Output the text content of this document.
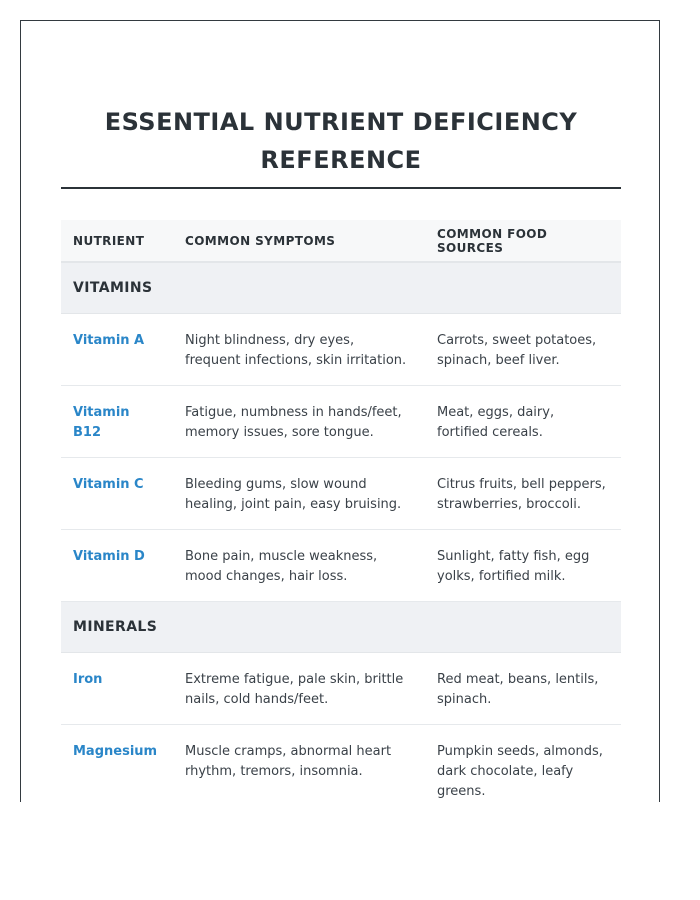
ESSENTIAL NUTRIENT DEFICIENCY REFERENCE
NUTRIENT	COMMON SYMPTOMS	COMMON FOOD SOURCES
VITAMINS		
Vitamin A	Night blindness, dry eyes, frequent infections, skin irritation.	Carrots, sweet potatoes, spinach, beef liver.
Vitamin B12	Fatigue, numbness in hands/feet, memory issues, sore tongue.	Meat, eggs, dairy, fortified cereals.
Vitamin C	Bleeding gums, slow wound healing, joint pain, easy bruising.	Citrus fruits, bell peppers, strawberries, broccoli.
Vitamin D	Bone pain, muscle weakness, mood changes, hair loss.	Sunlight, fatty fish, egg yolks, fortified milk.
MINERALS		
Iron	Extreme fatigue, pale skin, brittle nails, cold hands/feet.	Red meat, beans, lentils, spinach.
Magnesium	Muscle cramps, abnormal heart rhythm, tremors, insomnia.	Pumpkin seeds, almonds, dark chocolate, leafy greens.
